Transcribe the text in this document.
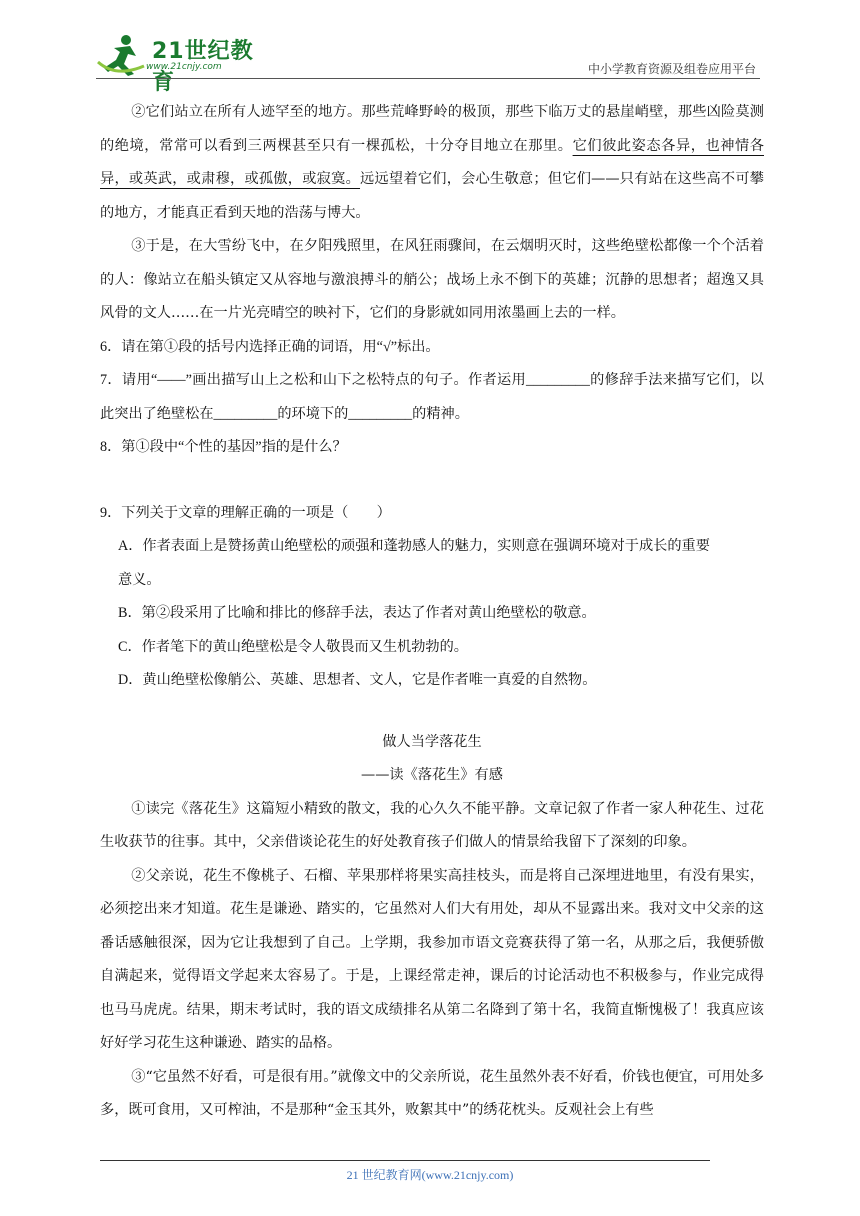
21世纪教育
www.21cnjy.com	中小学教育资源及组卷应用平台

②它们站立在所有人迹罕至的地方。那些荒峰野岭的极顶，那些下临万丈的悬崖峭壁，那些凶险莫测的绝境，常常可以看到三两棵甚至只有一棵孤松，十分夺目地立在那里。它们彼此姿态各异，也神情各异，或英武，或肃穆，或孤傲，或寂寞。远远望着它们，会心生敬意；但它们——只有站在这些高不可攀的地方，才能真正看到天地的浩荡与博大。

③于是，在大雪纷飞中，在夕阳残照里，在风狂雨骤间，在云烟明灭时，这些绝壁松都像一个个活着的人：像站立在船头镇定又从容地与激浪搏斗的艄公；战场上永不倒下的英雄；沉静的思想者；超逸又具风骨的文人……在一片光亮晴空的映衬下，它们的身影就如同用浓墨画上去的一样。

6．请在第①段的括号内选择正确的词语，用“√”标出。

7．请用“——”画出描写山上之松和山下之松特点的句子。作者运用_________的修辞手法来描写它们，以此突出了绝壁松在_________的环境下的_________的精神。

8．第①段中“个性的基因”指的是什么？

9．下列关于文章的理解正确的一项是（　　）

A．作者表面上是赞扬黄山绝壁松的顽强和蓬勃感人的魅力，实则意在强调环境对于成长的重要

意义。

B．第②段采用了比喻和排比的修辞手法，表达了作者对黄山绝壁松的敬意。

C．作者笔下的黄山绝壁松是令人敬畏而又生机勃勃的。

D．黄山绝壁松像艄公、英雄、思想者、文人，它是作者唯一真爱的自然物。

做人当学落花生

——读《落花生》有感

①读完《落花生》这篇短小精致的散文，我的心久久不能平静。文章记叙了作者一家人种花生、过花生收获节的往事。其中，父亲借谈论花生的好处教育孩子们做人的情景给我留下了深刻的印象。

②父亲说，花生不像桃子、石榴、苹果那样将果实高挂枝头，而是将自己深埋进地里，有没有果实，必须挖出来才知道。花生是谦逊、踏实的，它虽然对人们大有用处，却从不显露出来。我对文中父亲的这番话感触很深，因为它让我想到了自己。上学期，我参加市语文竞赛获得了第一名，从那之后，我便骄傲自满起来，觉得语文学起来太容易了。于是，上课经常走神，课后的讨论活动也不积极参与，作业完成得也马马虎虎。结果，期末考试时，我的语文成绩排名从第二名降到了第十名，我简直惭愧极了！我真应该好好学习花生这种谦逊、踏实的品格。

③“它虽然不好看，可是很有用。”就像文中的父亲所说，花生虽然外表不好看，价钱也便宜，可用处多多，既可食用，又可榨油，不是那种“金玉其外，败絮其中”的绣花枕头。反观社会上有些

21 世纪教育网(www.21cnjy.com)
